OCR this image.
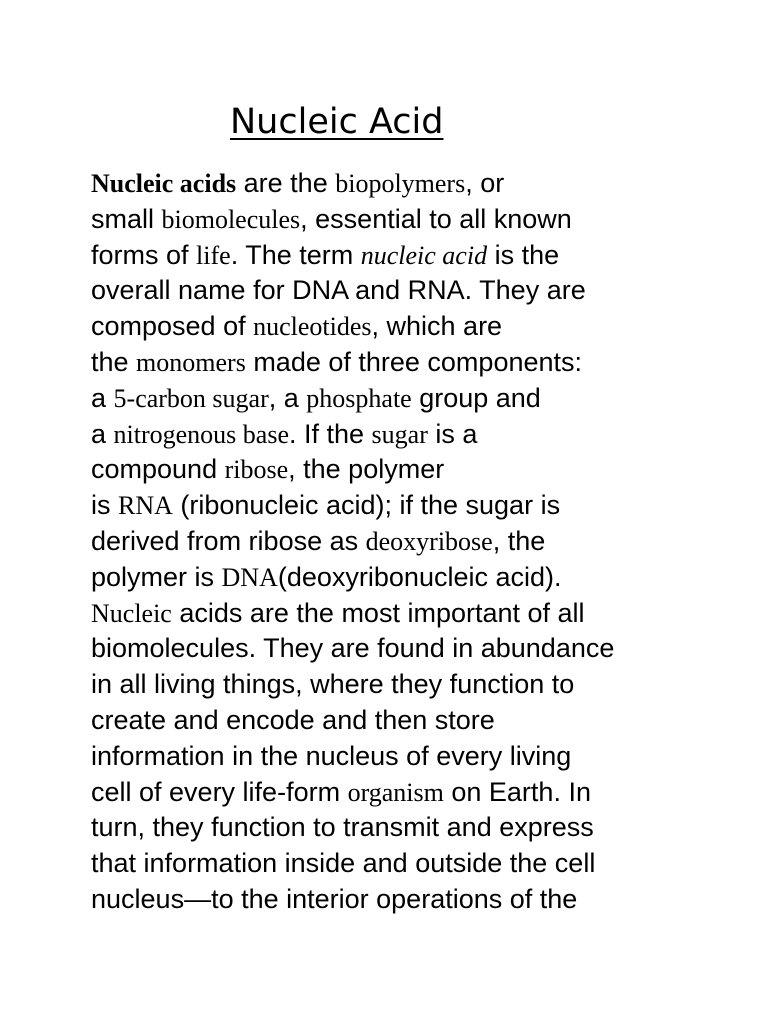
Nucleic Acid
Nucleic acids are the biopolymers, or
small biomolecules, essential to all known
forms of life. The term nucleic acid is the
overall name for DNA and RNA. They are
composed of nucleotides, which are
the monomers made of three components:
a 5-carbon sugar, a phosphate group and
a nitrogenous base. If the sugar is a
compound ribose, the polymer
is RNA (ribonucleic acid); if the sugar is
derived from ribose as deoxyribose, the
polymer is DNA(deoxyribonucleic acid).
Nucleic acids are the most important of all
biomolecules. They are found in abundance
in all living things, where they function to
create and encode and then store
information in the nucleus of every living
cell of every life-form organism on Earth. In
turn, they function to transmit and express
that information inside and outside the cell
nucleus—to the interior operations of the
